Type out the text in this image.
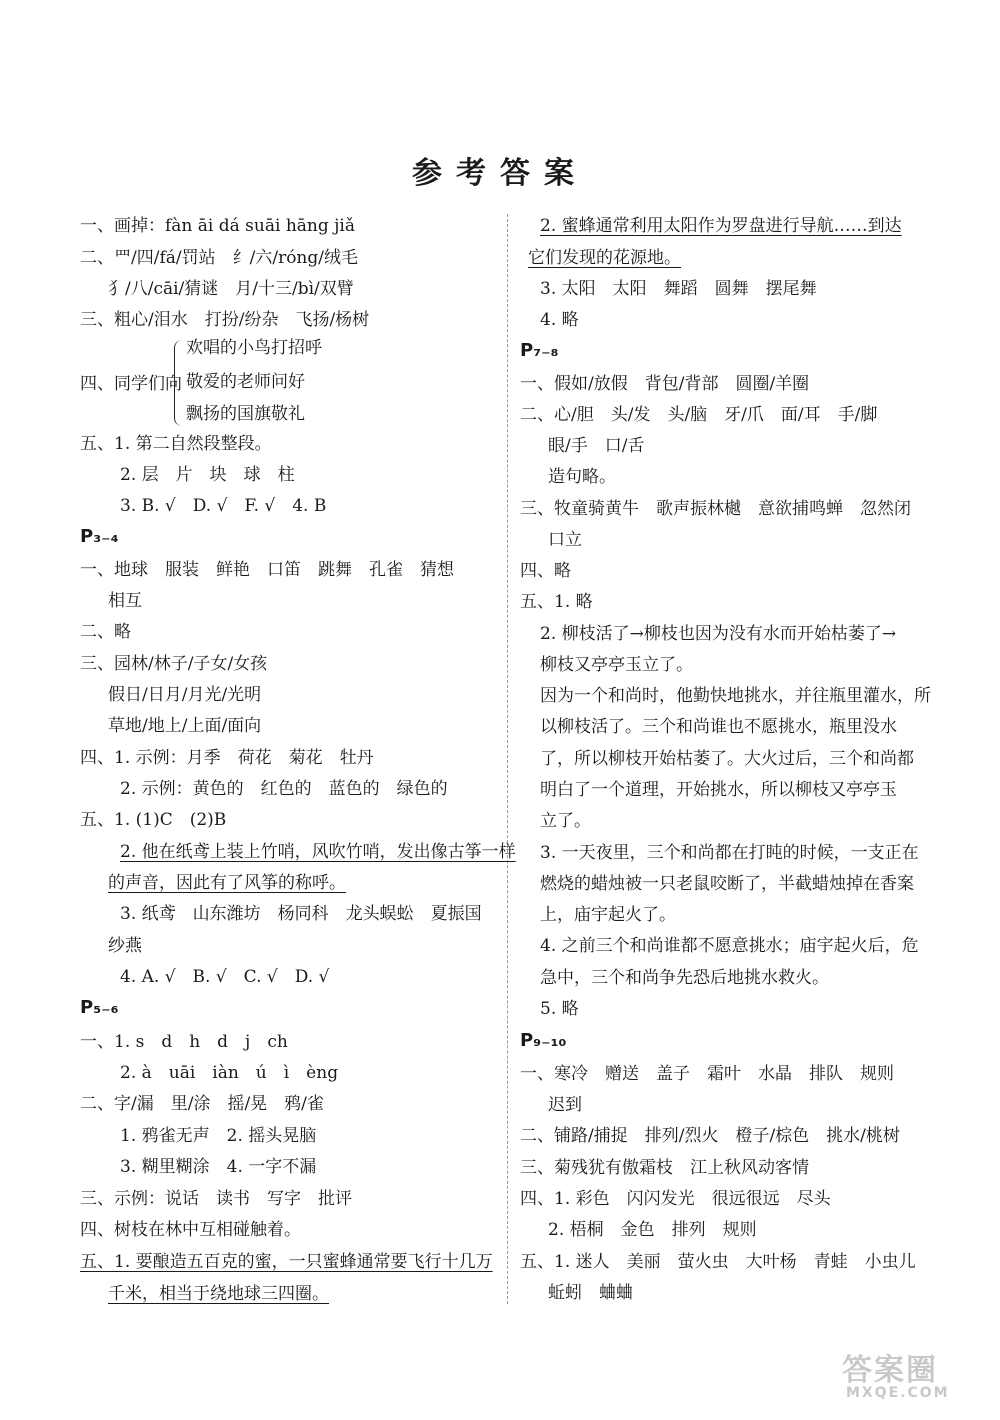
参考答案
一、画掉：fàn āi dá suāi hāng jiǎ
二、罒/四/fá/罚站　纟/六/róng/绒毛
犭/八/cāi/猜谜　月/十三/bì/双臂
三、粗心/泪水　打扮/纷杂　飞扬/杨树
四、同学们向
欢唱的小鸟打招呼
敬爱的老师问好
飘扬的国旗敬礼
五、1. 第二自然段整段。
2. 层　片　块　球　柱
3. B. √　D. √　F. √　4. B
P₃₋₄
一、地球　服装　鲜艳　口笛　跳舞　孔雀　猜想
相互
二、略
三、园林/林子/子女/女孩
假日/日月/月光/光明
草地/地上/上面/面向
四、1. 示例：月季　荷花　菊花　牡丹
2. 示例：黄色的　红色的　蓝色的　绿色的
五、1. (1)C　(2)B
2. 他在纸鸢上装上竹哨，风吹竹哨，发出像古筝一样
的声音，因此有了风筝的称呼。
3. 纸鸢　山东潍坊　杨同科　龙头蜈蚣　夏振国
纱燕
4. A. √　B. √　C. √　D. √
P₅₋₆
一、1. s　d　h　d　j　ch
2. à　uāi　iàn　ú　ì　èng
二、字/漏　里/涂　摇/晃　鸦/雀
1. 鸦雀无声　2. 摇头晃脑
3. 糊里糊涂　4. 一字不漏
三、示例：说话　读书　写字　批评
四、树枝在林中互相碰触着。
五、1. 要酿造五百克的蜜，一只蜜蜂通常要飞行十几万
千米，相当于绕地球三四圈。
2. 蜜蜂通常利用太阳作为罗盘进行导航……到达
它们发现的花源地。
3. 太阳　太阳　舞蹈　圆舞　摆尾舞
4. 略
P₇₋₈
一、假如/放假　背包/背部　圆圈/羊圈
二、心/胆　头/发　头/脑　牙/爪　面/耳　手/脚
眼/手　口/舌
造句略。
三、牧童骑黄牛　歌声振林樾　意欲捕鸣蝉　忽然闭
口立
四、略
五、1. 略
2. 柳枝活了→柳枝也因为没有水而开始枯萎了→
柳枝又亭亭玉立了。
因为一个和尚时，他勤快地挑水，并往瓶里灌水，所
以柳枝活了。三个和尚谁也不愿挑水，瓶里没水
了，所以柳枝开始枯萎了。大火过后，三个和尚都
明白了一个道理，开始挑水，所以柳枝又亭亭玉
立了。
3. 一天夜里，三个和尚都在打盹的时候，一支正在
燃烧的蜡烛被一只老鼠咬断了，半截蜡烛掉在香案
上，庙宇起火了。
4. 之前三个和尚谁都不愿意挑水；庙宇起火后，危
急中，三个和尚争先恐后地挑水救火。
5. 略
P₉₋₁₀
一、寒冷　赠送　盖子　霜叶　水晶　排队　规则
迟到
二、铺路/捕捉　排列/烈火　橙子/棕色　挑水/桃树
三、菊残犹有傲霜枝　江上秋风动客情
四、1. 彩色　闪闪发光　很远很远　尽头
2. 梧桐　金色　排列　规则
五、1. 迷人　美丽　萤火虫　大叶杨　青蛙　小虫儿
蚯蚓　蛐蛐
答案圈
MXQE.COM
